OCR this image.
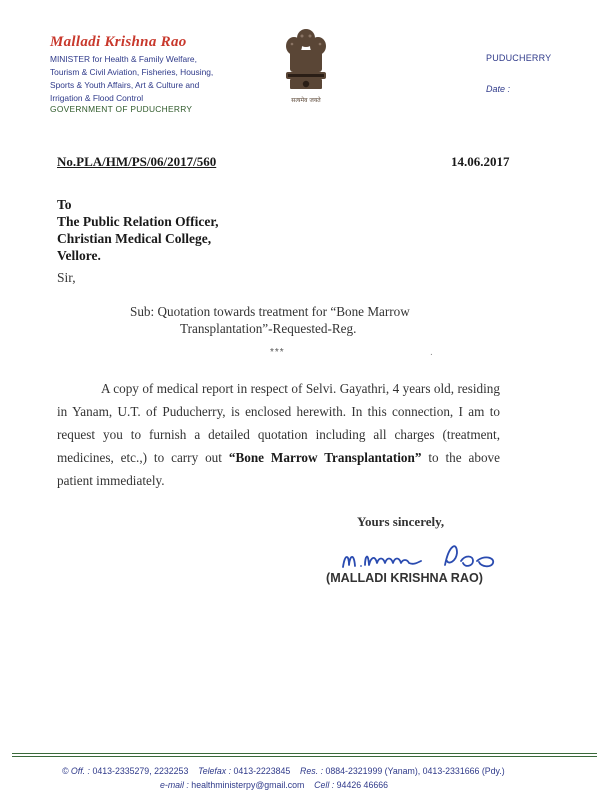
Malladi Krishna Rao
MINISTER for Health & Family Welfare,
Tourism & Civil Aviation, Fisheries, Housing,
Sports & Youth Affairs, Art & Culture and
Irrigation & Flood Control
GOVERNMENT OF PUDUCHERRY
सत्यमेव जयते
PUDUCHERRY
Date :
No.PLA/HM/PS/06/2017/560	14.06.2017
To
The Public Relation Officer,
Christian Medical College,
Vellore.
Sir,
Sub: Quotation towards treatment for “Bone Marrow
Transplantation”-Requested-Reg.
***	.
A copy of medical report in respect of Selvi. Gayathri, 4 years old, residing in Yanam, U.T. of Puducherry, is enclosed herewith. In this connection, I am to request you to furnish a detailed quotation including all charges (treatment, medicines, etc.,) to carry out “Bone Marrow Transplantation” to the above patient immediately.
Yours sincerely,
(MALLADI KRISHNA RAO)
© Off. : 0413-2335279, 2232253 Telefax : 0413-2223845 Res. : 0884-2321999 (Yanam), 0413-2331666 (Pdy.)
e-mail : healthministerpy@gmail.com Cell : 94426 46666
